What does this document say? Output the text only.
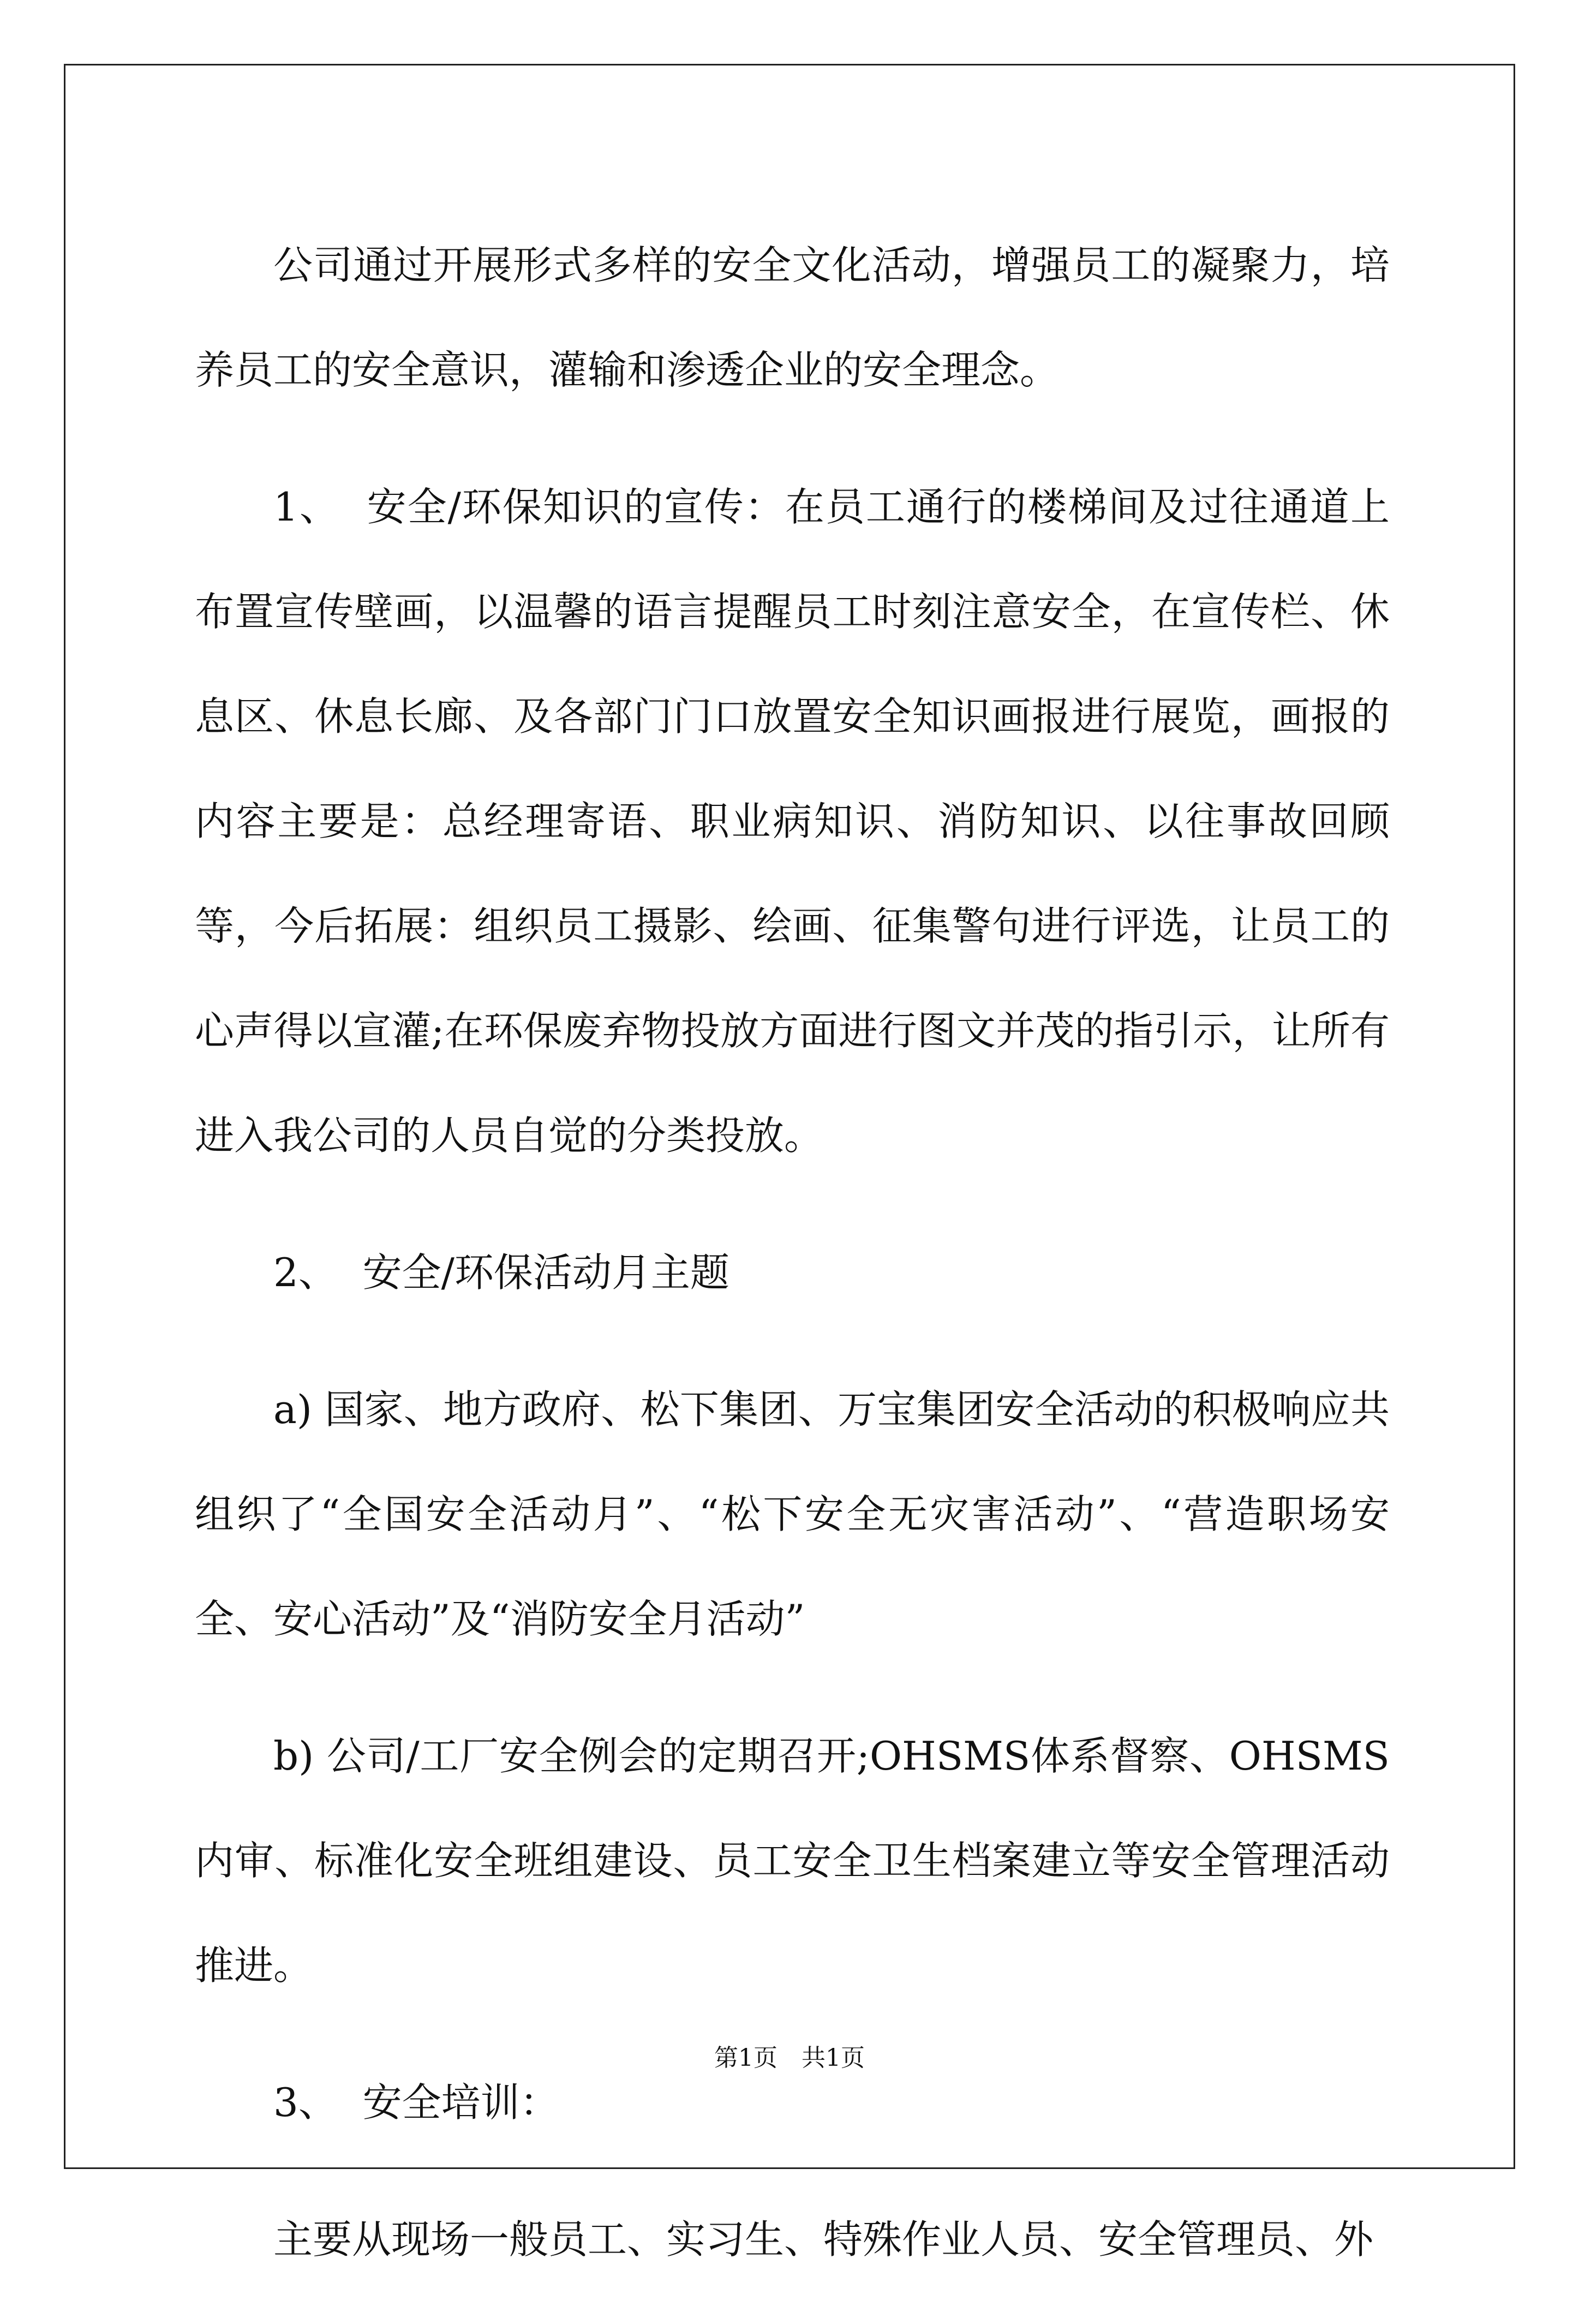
公司通过开展形式多样的安全文化活动，增强员工的凝聚力，培养员工的安全意识，灌输和渗透企业的安全理念。

1、  安全/环保知识的宣传：在员工通行的楼梯间及过往通道上布置宣传壁画，以温馨的语言提醒员工时刻注意安全，在宣传栏、休息区、休息长廊、及各部门门口放置安全知识画报进行展览，画报的内容主要是：总经理寄语、职业病知识、消防知识、以往事故回顾等，今后拓展：组织员工摄影、绘画、征集警句进行评选，让员工的心声得以宣灌;在环保废弃物投放方面进行图文并茂的指引示，让所有进入我公司的人员自觉的分类投放。

2、  安全/环保活动月主题

a) 国家、地方政府、松下集团、万宝集团安全活动的积极响应共组织了“全国安全活动月”、“松下安全无灾害活动”、“营造职场安全、安心活动”及“消防安全月活动”

b) 公司/工厂安全例会的定期召开;OHSMS体系督察、OHSMS内审、标准化安全班组建设、员工安全卫生档案建立等安全管理活动推进。

3、  安全培训：

主要从现场一般员工、实习生、特殊作业人员、安全管理员、外

第1页 共1页
